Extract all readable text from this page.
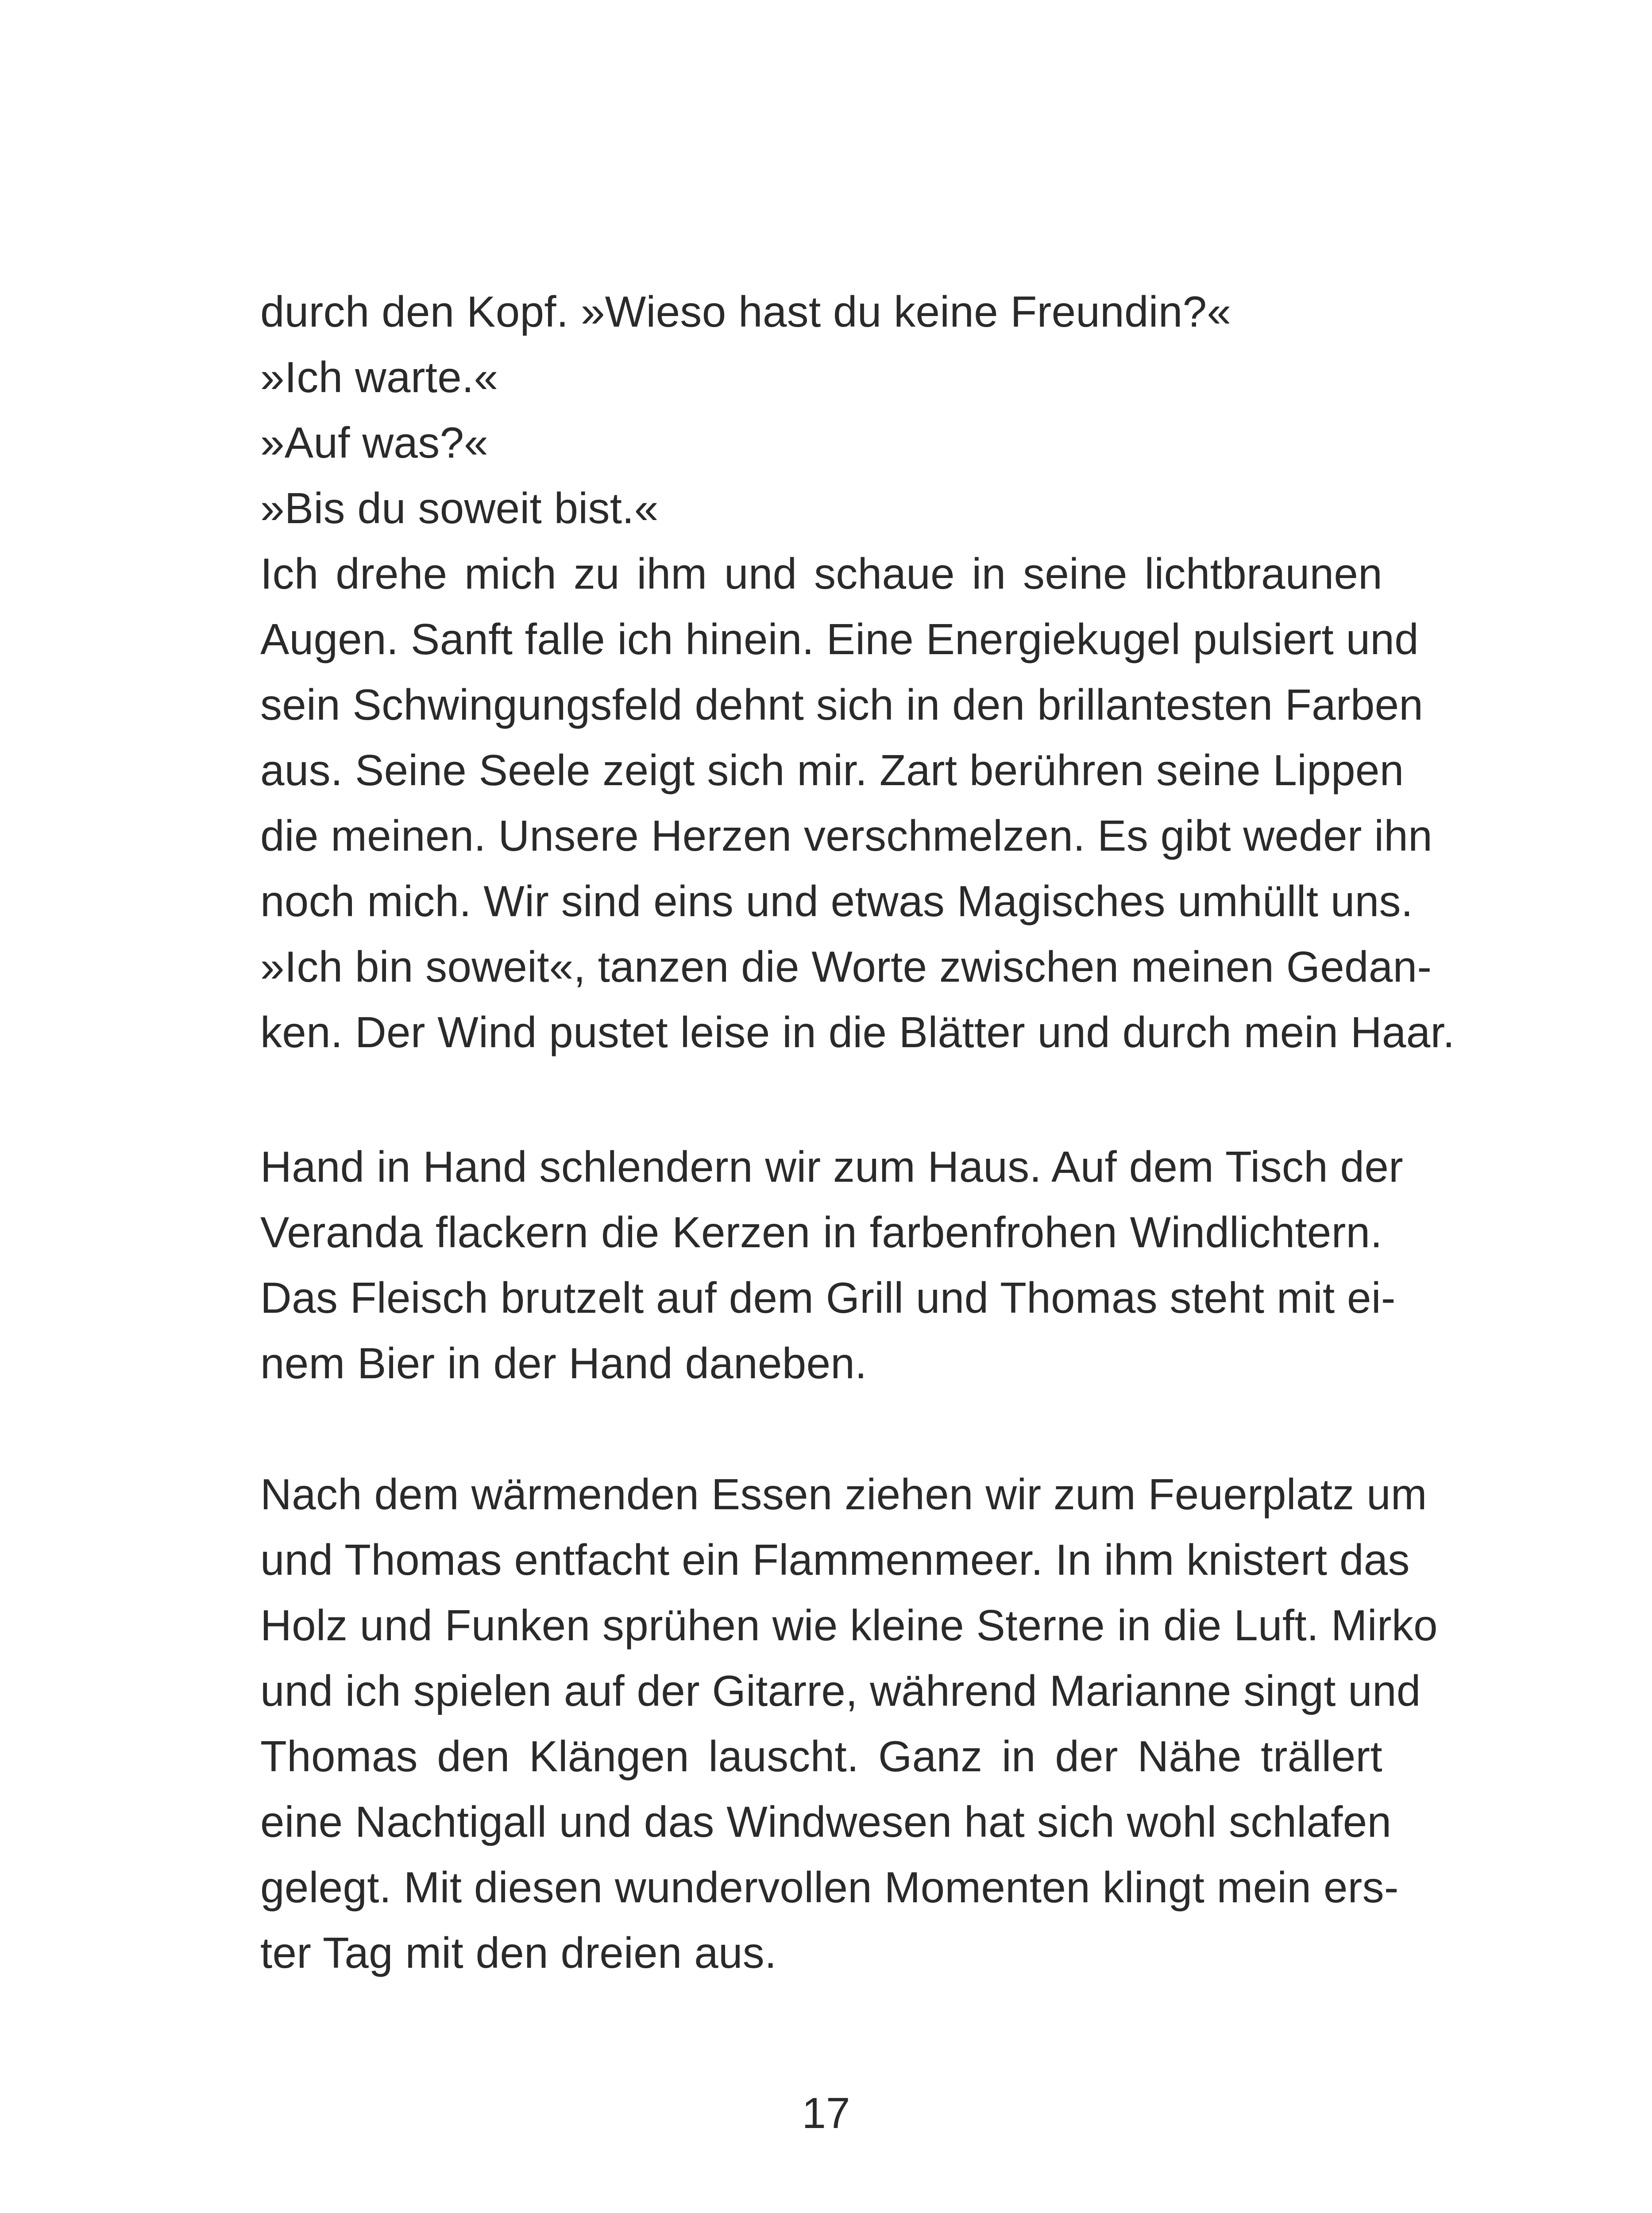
durch den Kopf. »Wieso hast du keine Freundin?«
»Ich warte.«
»Auf was?«
»Bis du soweit bist.«
Ich drehe mich zu ihm und schaue in seine lichtbraunen
Augen. Sanft falle ich hinein. Eine Energiekugel pulsiert und
sein Schwingungsfeld dehnt sich in den brillantesten Farben
aus. Seine Seele zeigt sich mir. Zart berühren seine Lippen
die meinen. Unsere Herzen verschmelzen. Es gibt weder ihn
noch mich. Wir sind eins und etwas Magisches umhüllt uns.
»Ich bin soweit«, tanzen die Worte zwischen meinen Gedan-
ken. Der Wind pustet leise in die Blätter und durch mein Haar.
Hand in Hand schlendern wir zum Haus. Auf dem Tisch der
Veranda flackern die Kerzen in farbenfrohen Windlichtern.
Das Fleisch brutzelt auf dem Grill und Thomas steht mit ei-
nem Bier in der Hand daneben.
Nach dem wärmenden Essen ziehen wir zum Feuerplatz um
und Thomas entfacht ein Flammenmeer. In ihm knistert das
Holz und Funken sprühen wie kleine Sterne in die Luft. Mirko
und ich spielen auf der Gitarre, während Marianne singt und
Thomas den Klängen lauscht. Ganz in der Nähe trällert
eine Nachtigall und das Windwesen hat sich wohl schlafen
gelegt. Mit diesen wundervollen Momenten klingt mein ers-
ter Tag mit den dreien aus.
17
